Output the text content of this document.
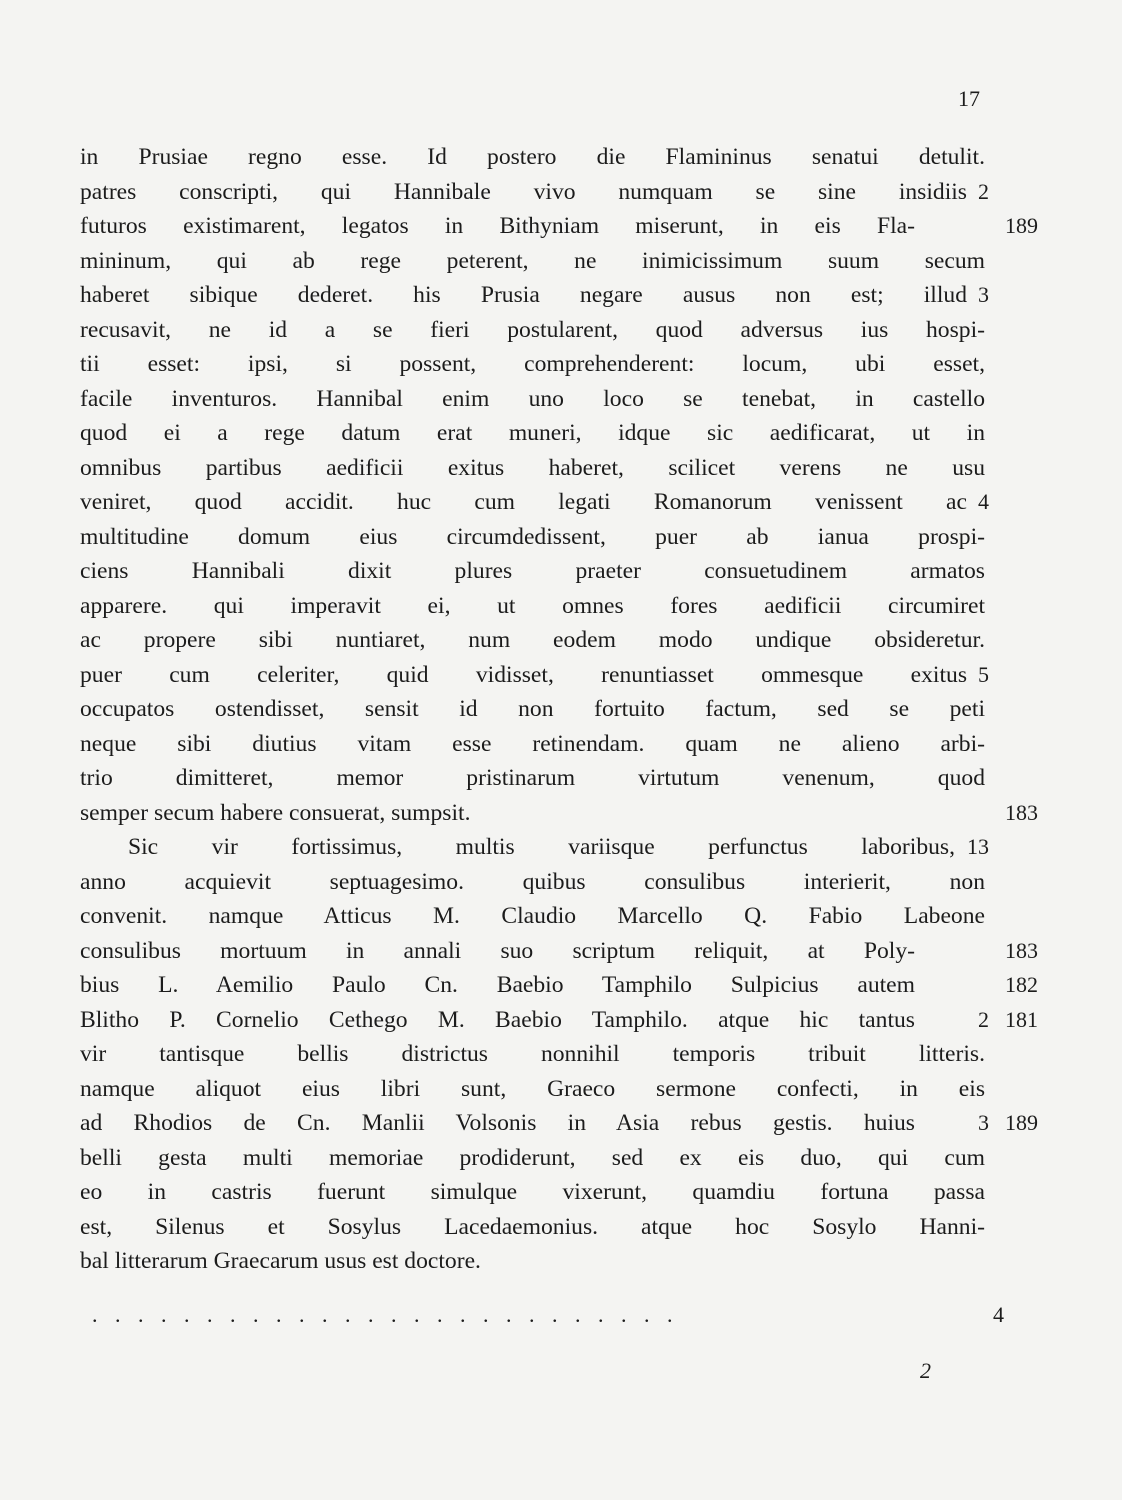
17
in Prusiae regno esse. Id postero die Flamininus senatui detulit.
patres conscripti, qui Hannibale vivo numquam se sine insidiis 2
futuros existimarent, legatos in Bithyniam miserunt, in eis Fla-	189
mininum, qui ab rege peterent, ne inimicissimum suum secum
haberet sibique dederet. his Prusia negare ausus non est; illud 3
recusavit, ne id a se fieri postularent, quod adversus ius hospi-
tii esset: ipsi, si possent, comprehenderent: locum, ubi esset,
facile inventuros. Hannibal enim uno loco se tenebat, in castello
quod ei a rege datum erat muneri, idque sic aedificarat, ut in
omnibus partibus aedificii exitus haberet, scilicet verens ne usu
veniret, quod accidit. huc cum legati Romanorum venissent ac 4
multitudine domum eius circumdedissent, puer ab ianua prospi-
ciens Hannibali dixit plures praeter consuetudinem armatos
apparere. qui imperavit ei, ut omnes fores aedificii circumiret
ac propere sibi nuntiaret, num eodem modo undique obsideretur.
puer cum celeriter, quid vidisset, renuntiasset ommesque exitus 5
occupatos ostendisset, sensit id non fortuito factum, sed se peti
neque sibi diutius vitam esse retinendam. quam ne alieno arbi-
trio dimitteret, memor pristinarum virtutum venenum, quod
semper secum habere consuerat, sumpsit.	183
Sic vir fortissimus, multis variisque perfunctus laboribus, 13
anno acquievit septuagesimo. quibus consulibus interierit, non
convenit. namque Atticus M. Claudio Marcello Q. Fabio Labeone
consulibus mortuum in annali suo scriptum reliquit, at Poly-	183
bius L. Aemilio Paulo Cn. Baebio Tamphilo Sulpicius autem	182
Blitho P. Cornelio Cethego M. Baebio Tamphilo. atque hic tantus	2 181
vir tantisque bellis districtus nonnihil temporis tribuit litteris.
namque aliquot eius libri sunt, Graeco sermone confecti, in eis
ad Rhodios de Cn. Manlii Volsonis in Asia rebus gestis. huius	3 189
belli gesta multi memoriae prodiderunt, sed ex eis duo, qui cum
eo in castris fuerunt simulque vixerunt, quamdiu fortuna passa
est, Silenus et Sosylus Lacedaemonius. atque hoc Sosylo Hanni-
bal litterarum Graecarum usus est doctore.
..........................	4
2
